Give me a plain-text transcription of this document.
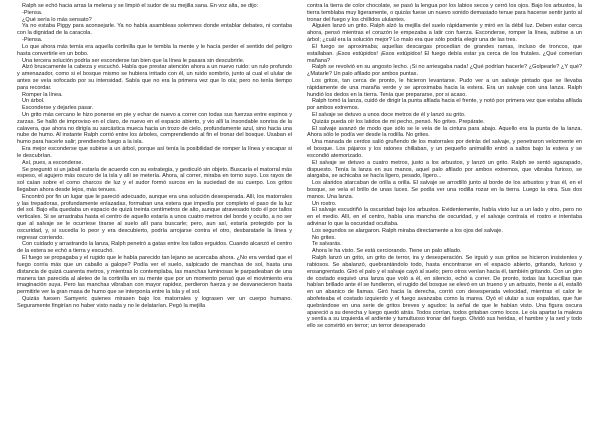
Ralph se echó hacia arras la melena y se limpió el sudor de su mejilla sana. En voz alta, se dijo:

-Piensa.

¿Qué sería lo más sensato?

Ya no estaba Piggy para aconsejarle. Ya no había asambleas solemnes donde entablar debates, ni contaba con la dignidad de la caracola.

-Piensa.

Lo que ahora más temía era aquella cortinilla que le tembla la mente y le hacía perder el sentido del peligro hasta convertirle en un bobo.

Una tercera solución podría ser esconderse tan bien que la línea le pasara sin descubrirle.

Alzó bruscamente la cabeza y escuchó. Había que prestar atención ahora a un nuevo ruido: un rulo profundo y amenazador, como si el bosque mismo se hubiera irritado con él, un ruido sombrío, junto al cual el ulular de antes se veía sofocado por su intensidad. Sabía que no era la primera vez que lo oía; pero no tenía tiempo para recordar.

Romper la línea.

Un árbol.

Esconderse y dejarles pasar.

Un grito más cercano le hizo ponerse en pie y echar de nuevo a correr con todas sus fuerzas entre espinos y zarzas. Se halló de improviso en el claro, de nuevo en el espacio abierto, y vio allí la insondable sonrisa de la calavera, que ahora no dirigía su sarcástica mueca hacia un trozo de cielo, profundamente azul, sino hacia una nube de humo. Al instante Ralph corrió entre los árboles, comprendiendo al fin el tronar del bosque. Usaban el humo para hacerle salir; prendiendo fuego a la isla.

Era mejor esconderse que subirse a un árbol, porque así tenía la posibilidad de romper la línea y escapar si le descubrían.

Así, pues, a esconderse.

Se preguntó si un jabalí estaría de acuerdo con su estrategia, y gesticuló sin objeto. Buscaría el matorral más espeso, el agujero más oscuro de la isla y allí se metería. Ahora, al correr, miraba en torno suyo. Los rayos de sol caían sobre el como charcos de luz y el sudor formó surcos en la suciedad de su cuerpo. Los gritos llegaban ahora desde lejos, más tenues.

Encontró por fin un lugar que le pareció adecuado, aunque era una solución desesperada. Allí, los matorrales y las trepadoras, profundamente enlazadas, formaban una estera que impedía por completo el paso de la luz del sol. Bajo ella quedaba un espacio de quizá treinta centímetros de alto, aunque atravesado todo él por tallos verticales. Si se arrastraba hasta el centro de aquello estaría a unos cuatro metros del borde y oculto, a no ser que al salvaje se le ocurriese tirarse al suelo allí para buscarle; pero, aun así, estaría protegido por la oscuridad, y, si sucedía lo peor y era descubierto, podría arrojarse contra el otro, desbaratarle la línea y regresar corriendo.

Con cuidado y arrastrando la lanza, Ralph penetró a gatas entre los tallos erguidos. Cuando alcanzó el centro de la estera se echó a tierra y escuchó.

El fuego se propagaba y el rugido que le había parecido tan lejano se acercaba ahora. ¿No era verdad que el fuego corría más que un caballo a galope? Podía ver el suelo, salpicado de manchas de sol, hasta una distancia de quizá cuarenta metros, y mientras lo contemplaba, las manchas luminosas le parpadeaban de una manera tan parecida al aleteo de la cortinilla en su mente que por un momento pensó que el movimiento era imaginación suya. Pero las manchas vibraban con mayor rapidez, perdieron fuerza y se desvanecieron hasta permitirle ver la gran masa de humo que se interponía entre la isla y el sol.

Quizás fuesen Samyeric quienes mirasen bajo los matorrales y lograsen ver un cuerpo humano. Seguramente fingirían no haber visto nada y no le delatarían. Pegó la mejilla

contra la tierra de color chocolate, se pasó la lengua por los labios secos y cerró los ojos. Bajo los arbustos, la tierra temblaba muy ligeramente, o quizás fuese un nuevo sonido demasiado tenue para hacerse sentir junto al tronar del fuego y los chillidos ululantes.

Alguien lanzó un grito. Ralph alzó la mejilla del suelo rápidamente y miró en la débil luz. Deben estar cerca ahora, pensó mientras el corazón le empezaba a latir con fuerza. Esconderse, romper la línea, subirse a un árbol; ¿cuál era la solución mejor? Lo malo era que sólo podría elegir una de las tres.

El fuego se aproximaba; aquellas descargas procedían de grandes ramas, incluso de troncos, que estallaban. ¡Esos estúpidos! ¡Esos estúpidos! El fuego debía estar ya cerca de los frutales. ¿Qué comerían mañana?

Ralph se revolvió en su angosto lecho. ¡Si no arriesgaba nada! ¿Qué podrían hacerle? ¿Golpearle? ¿Y qué? ¿Matarle? Un palo afilado por ambos puntas.

Los gritos, tan cerca de pronto, le hicieron levantarse. Pudo ver a un salvaje pintado que se llevaba rápidamente de una maraña verde y se aproximaba hacia la estera. Era un salvaje con una lanza. Ralph hundió los dedos en la tierra. Tenía que prepararse, por si acaso.

Ralph tomó la lanza, cuidó de dirigir la punta afilada hacia el frente, y notó por primera vez que estaba afilada por ambos extremos.

El salvaje se detuvo a unos doce metros de él y lanzó su grito.

Quizás pueda oír los latidos de mi pecho, pensó. No grites. Prepárate.

El salvaje avanzó de modo que sólo se le veía de la cintura para abajo. Aquello era la punta de la lanza. Ahora sólo le podía ver desde la rodilla. No grites.

Una manada de cerdos salió gruñendo de los matorrales por detrás del salvaje, y penetraron velozmente en el bosque. Los pájaros y los ratones chillaban, y un pequeño animalillo entró a saltos bajo la estera y se escondió atemorizado.

El salvaje se detuvo a cuatro metros, justo a los arbustos, y lanzó un grito. Ralph se sentó agazapado, dispuesto. Tenía la lanza en sus manos, aquel palo afilado por ambos extremos, que vibraba furioso, se alargaba, se achicaba se hacía ligero, pesado, ligero...

Los alaridos atarcaban de orilla a orilla. El salvaje se arrodilló junto al borde de los arbustos y tras él, en el bosque, se veía el brillo de unas luces. Se podía ver una rodilla rozar en la tierra. Luego la otra. Sus dos manos. Una lanza.

Un rostro.

El salvaje escudriñó la oscuridad bajo los arbustos. Evidentemente, había visto luz a un lado y otro, pero no en el medio. Allí, en el centro, había una mancha de oscuridad, y el salvaje contraía el rostro e intentaba adivinar lo que la oscuridad ocultaba.

Los segundos se alargaron. Ralph miraba directamente a los ojos del salvaje.

No grites.

Te salvarás.

Ahora le ha visto. Se está cerciorando. Tiene un palo afilado.

Ralph lanzó un grito, un grito de terror, ira y desesperación. Se irguió y sus gritos se hicieron insistentes y rabiosos. Se abalanzó, quebrantándolo todo, hasta encontrarse en el espacio abierto, gritando, furioso y ensangrentado. Giró el palo y el salvaje cayó al suelo; pero otros venían hacia él, también gritando. Con un giro de costado esquivó una lanza que voló a él, en silencio, echó a correr. De pronto, todas las lucecillas que habían brillado ante él se fundieron, el rugido del bosque se elevó en un trueno y un arbusto, frente a él, estalló en un abanico de llamas. Giró hacia la derecha, corrió con desesperada velocidad, mientras el calor le abofeteaba el costado izquierdo y el fuego avanzaba como la marea. Oyó el ulular a sus espaldas, que fue quebrándose en una serie de gritos breves y agudos: la señal de que le habían visto. Una figura oscura apareció a su derecha y luego quedó atrás. Todos corrían, todos gritaban como locos. Le oía apartar la maleza y sentía a su izquierda el ardiente y tumultuoso tronar del fuego. Olvidó sus heridas, el hambre y la sed y todo ello se convirtió en terror; un terror desesperado
